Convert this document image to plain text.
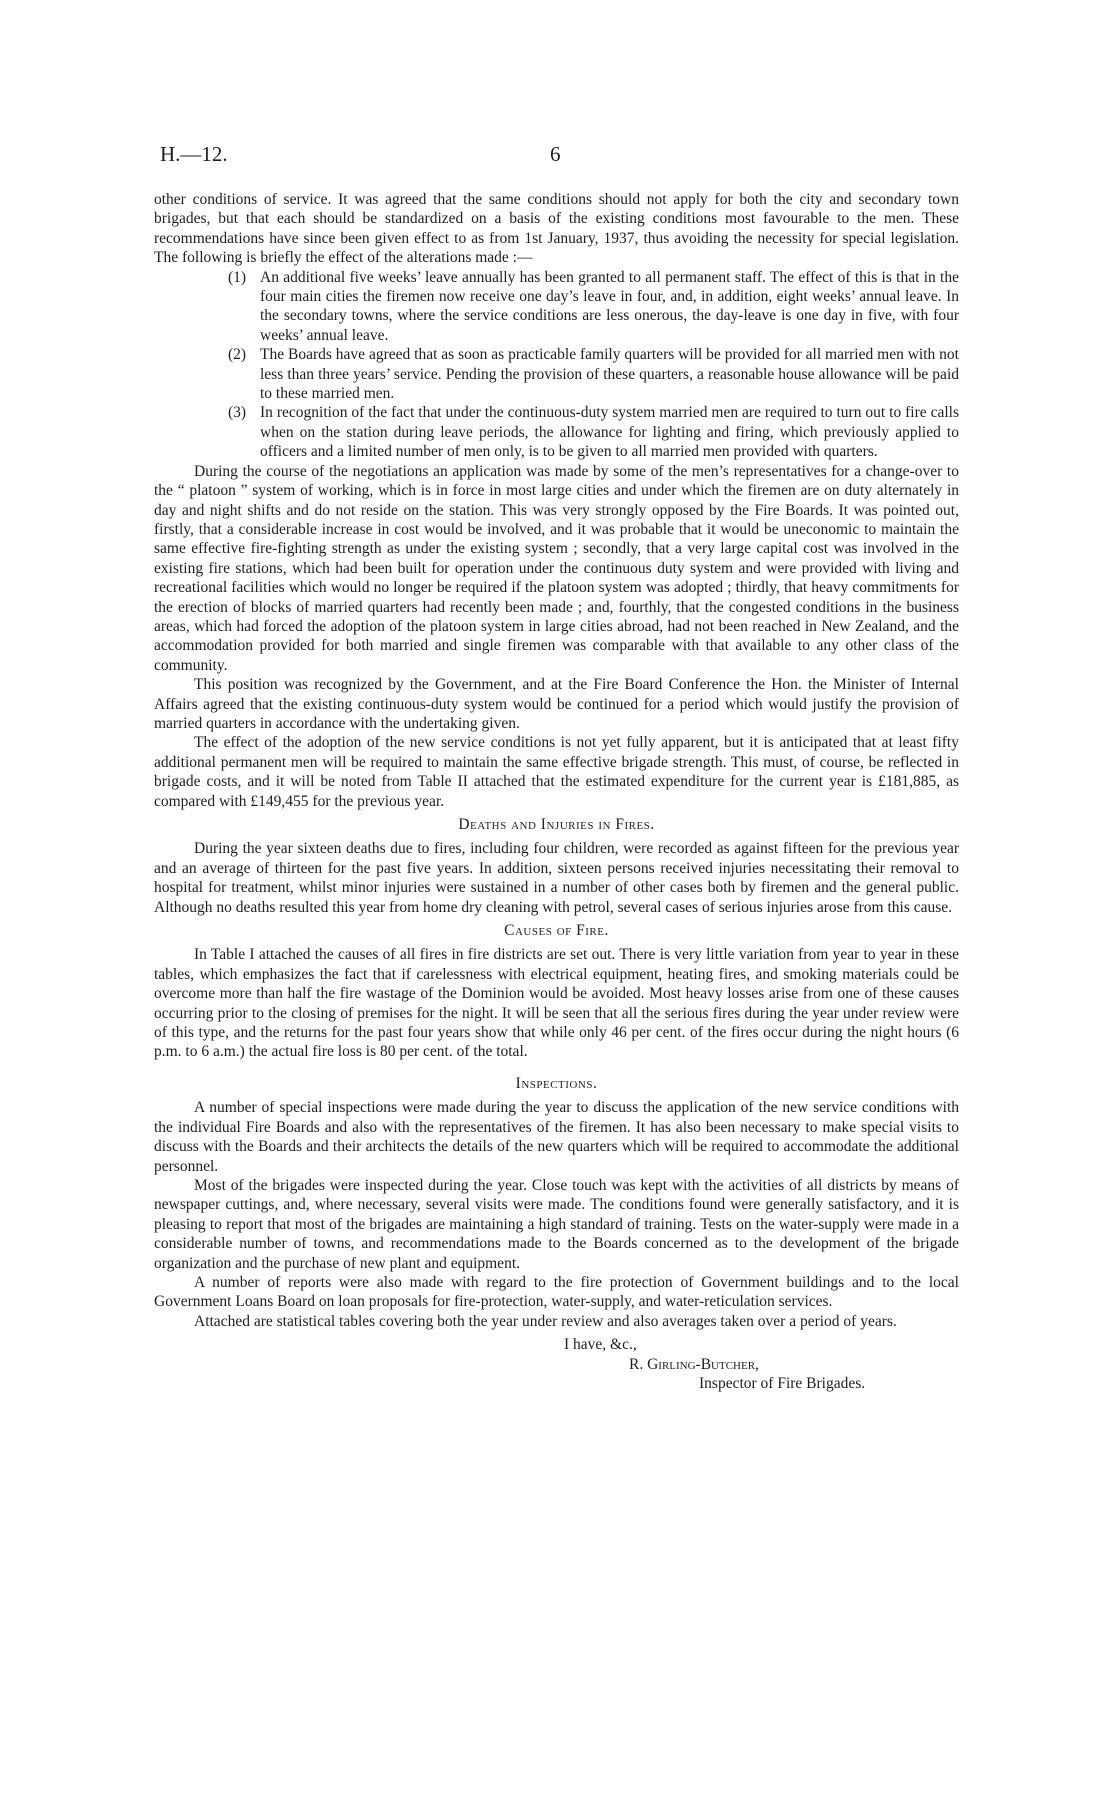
H.—12.	6

other conditions of service. It was agreed that the same conditions should not apply for both the city and secondary town brigades, but that each should be standardized on a basis of the existing conditions most favourable to the men. These recommendations have since been given effect to as from 1st January, 1937, thus avoiding the necessity for special legislation. The following is briefly the effect of the alterations made :—

(1) An additional five weeks’ leave annually has been granted to all permanent staff. The effect of this is that in the four main cities the firemen now receive one day’s leave in four, and, in addition, eight weeks’ annual leave. In the secondary towns, where the service conditions are less onerous, the day-leave is one day in five, with four weeks’ annual leave.
(2) The Boards have agreed that as soon as practicable family quarters will be provided for all married men with not less than three years’ service. Pending the provision of these quarters, a reasonable house allowance will be paid to these married men.
(3) In recognition of the fact that under the continuous-duty system married men are required to turn out to fire calls when on the station during leave periods, the allowance for lighting and firing, which previously applied to officers and a limited number of men only, is to be given to all married men provided with quarters.

During the course of the negotiations an application was made by some of the men’s representatives for a change-over to the “ platoon ” system of working, which is in force in most large cities and under which the firemen are on duty alternately in day and night shifts and do not reside on the station. This was very strongly opposed by the Fire Boards. It was pointed out, firstly, that a considerable increase in cost would be involved, and it was probable that it would be uneconomic to maintain the same effective fire-fighting strength as under the existing system ; secondly, that a very large capital cost was involved in the existing fire stations, which had been built for operation under the continuous duty system and were provided with living and recreational facilities which would no longer be required if the platoon system was adopted ; thirdly, that heavy commitments for the erection of blocks of married quarters had recently been made ; and, fourthly, that the congested conditions in the business areas, which had forced the adoption of the platoon system in large cities abroad, had not been reached in New Zealand, and the accommodation provided for both married and single firemen was comparable with that available to any other class of the community.

This position was recognized by the Government, and at the Fire Board Conference the Hon. the Minister of Internal Affairs agreed that the existing continuous-duty system would be continued for a period which would justify the provision of married quarters in accordance with the undertaking given.

The effect of the adoption of the new service conditions is not yet fully apparent, but it is anticipated that at least fifty additional permanent men will be required to maintain the same effective brigade strength. This must, of course, be reflected in brigade costs, and it will be noted from Table II attached that the estimated expenditure for the current year is £181,885, as compared with £149,455 for the previous year.

Deaths and Injuries in Fires.

During the year sixteen deaths due to fires, including four children, were recorded as against fifteen for the previous year and an average of thirteen for the past five years. In addition, sixteen persons received injuries necessitating their removal to hospital for treatment, whilst minor injuries were sustained in a number of other cases both by firemen and the general public. Although no deaths resulted this year from home dry cleaning with petrol, several cases of serious injuries arose from this cause.

Causes of Fire.

In Table I attached the causes of all fires in fire districts are set out. There is very little variation from year to year in these tables, which emphasizes the fact that if carelessness with electrical equipment, heating fires, and smoking materials could be overcome more than half the fire wastage of the Dominion would be avoided. Most heavy losses arise from one of these causes occurring prior to the closing of premises for the night. It will be seen that all the serious fires during the year under review were of this type, and the returns for the past four years show that while only 46 per cent. of the fires occur during the night hours (6 p.m. to 6 a.m.) the actual fire loss is 80 per cent. of the total.

Inspections.

A number of special inspections were made during the year to discuss the application of the new service conditions with the individual Fire Boards and also with the representatives of the firemen. It has also been necessary to make special visits to discuss with the Boards and their architects the details of the new quarters which will be required to accommodate the additional personnel.

Most of the brigades were inspected during the year. Close touch was kept with the activities of all districts by means of newspaper cuttings, and, where necessary, several visits were made. The conditions found were generally satisfactory, and it is pleasing to report that most of the brigades are maintaining a high standard of training. Tests on the water-supply were made in a considerable number of towns, and recommendations made to the Boards concerned as to the development of the brigade organization and the purchase of new plant and equipment.

A number of reports were also made with regard to the fire protection of Government buildings and to the local Government Loans Board on loan proposals for fire-protection, water-supply, and water-reticulation services.

Attached are statistical tables covering both the year under review and also averages taken over a period of years.

I have, &c.,
R. Girling-Butcher,
Inspector of Fire Brigades.
